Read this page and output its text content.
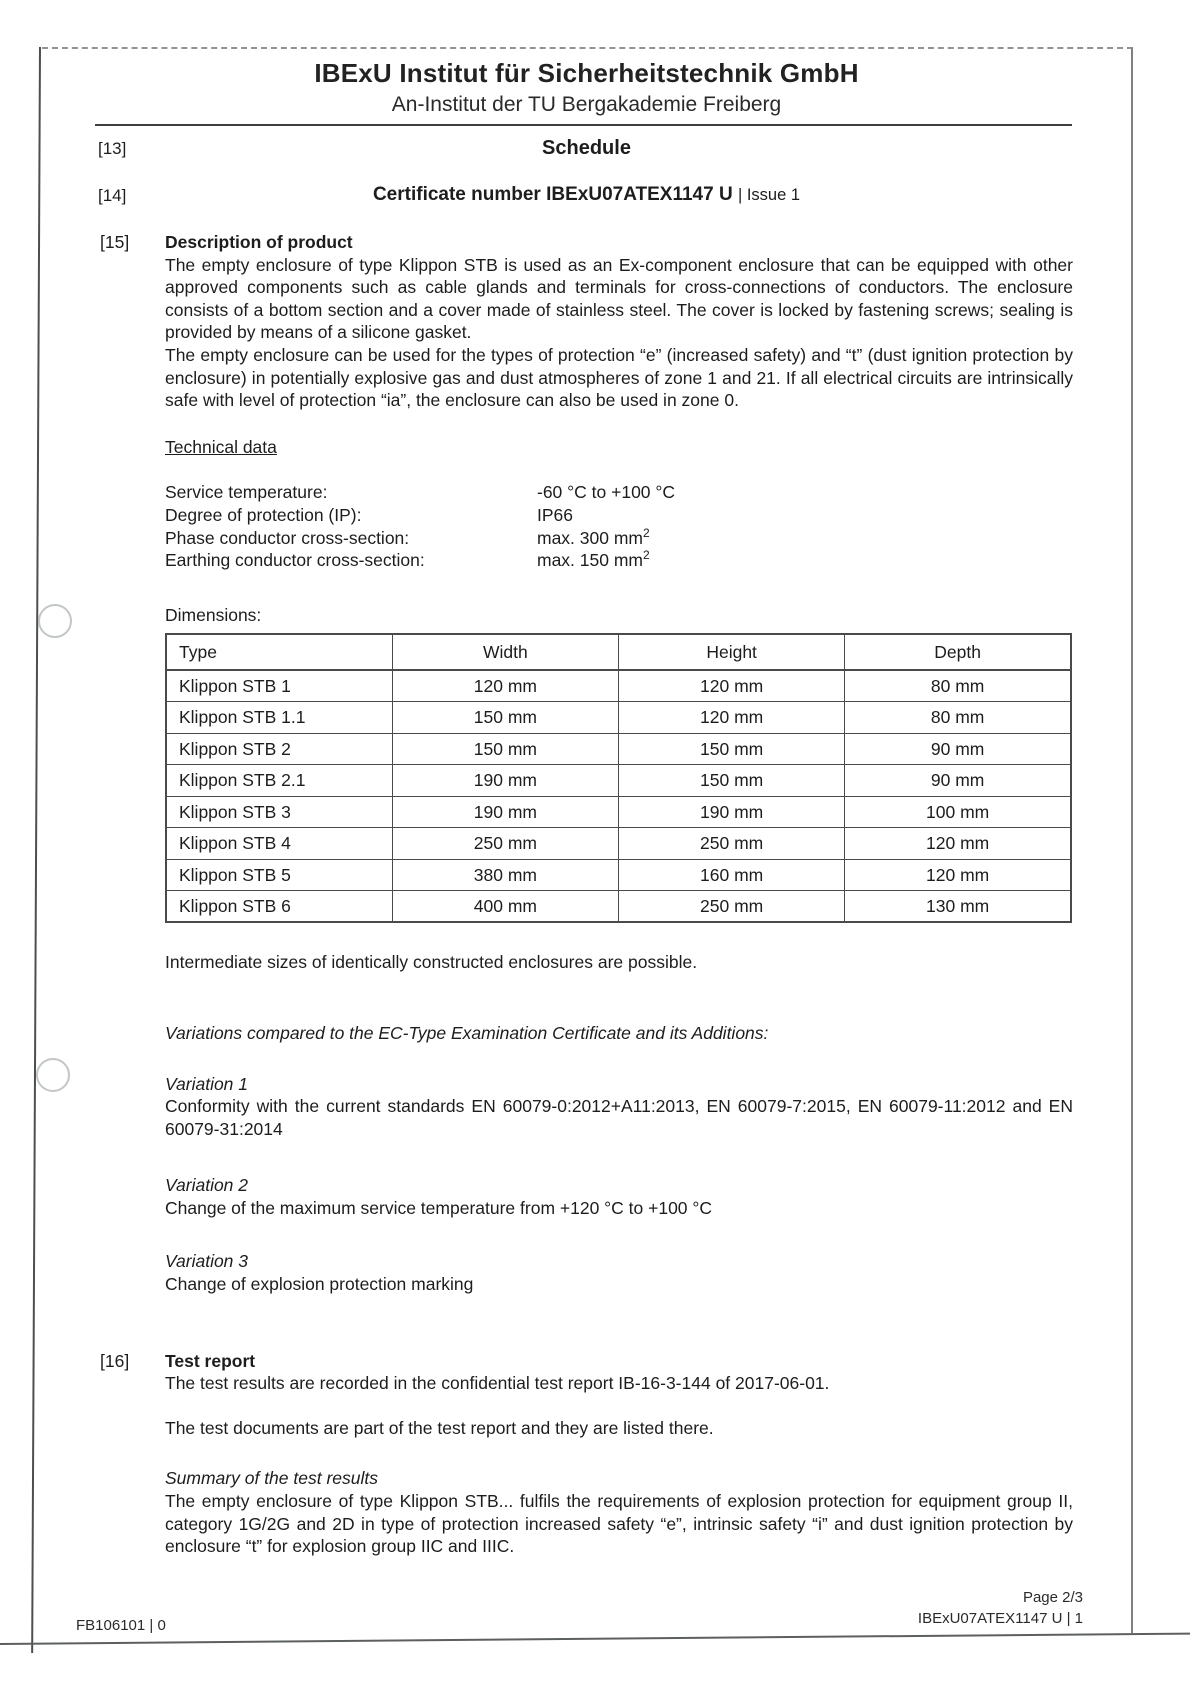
IBExU Institut für Sicherheitstechnik GmbH
An-Institut der TU Bergakademie Freiberg
[13]	Schedule
[14]	Certificate number IBExU07ATEX1147 U | Issue 1
[15] Description of product

The empty enclosure of type Klippon STB is used as an Ex-component enclosure that can be equipped with other approved components such as cable glands and terminals for cross-connections of conductors. The enclosure consists of a bottom section and a cover made of stainless steel. The cover is locked by fastening screws; sealing is provided by means of a silicone gasket.

The empty enclosure can be used for the types of protection “e” (increased safety) and “t” (dust ignition protection by enclosure) in potentially explosive gas and dust atmospheres of zone 1 and 21. If all electrical circuits are intrinsically safe with level of protection “ia”, the enclosure can also be used in zone 0.

Technical data
Service temperature:	-60 °C to +100 °C
Degree of protection (IP):	IP66
Phase conductor cross-section:	max. 300 $mm^2$
Earthing conductor cross-section:	max. 150 $mm^2$
Dimensions:
Type	Width	Height	Depth
Klippon STB 1	120 mm	120 mm	80 mm
Klippon STB 1.1	150 mm	120 mm	80 mm
Klippon STB 2	150 mm	150 mm	90 mm
Klippon STB 2.1	190 mm	150 mm	90 mm
Klippon STB 3	190 mm	190 mm	100 mm
Klippon STB 4	250 mm	250 mm	120 mm
Klippon STB 5	380 mm	160 mm	120 mm
Klippon STB 6	400 mm	250 mm	130 mm

Intermediate sizes of identically constructed enclosures are possible.

Variations compared to the EC-Type Examination Certificate and its Additions:

Variation 1
Conformity with the current standards EN 60079-0:2012+A11:2013, EN 60079-7:2015, EN 60079-11:2012 and EN 60079-31:2014
Variation 2
Change of the maximum service temperature from +120 °C to +100 °C
Variation 3
Change of explosion protection marking
[16] Test report

The test results are recorded in the confidential test report IB-16-3-144 of 2017-06-01.

The test documents are part of the test report and they are listed there.

Summary of the test results
The empty enclosure of type Klippon STB... fulfils the requirements of explosion protection for equipment group II, category 1G/2G and 2D in type of protection increased safety “e”, intrinsic safety “i” and dust ignition protection by enclosure “t” for explosion group IIC and IIIC.
Page 2/3
IBExU07ATEX1147 U | 1
FB106101 | 0
